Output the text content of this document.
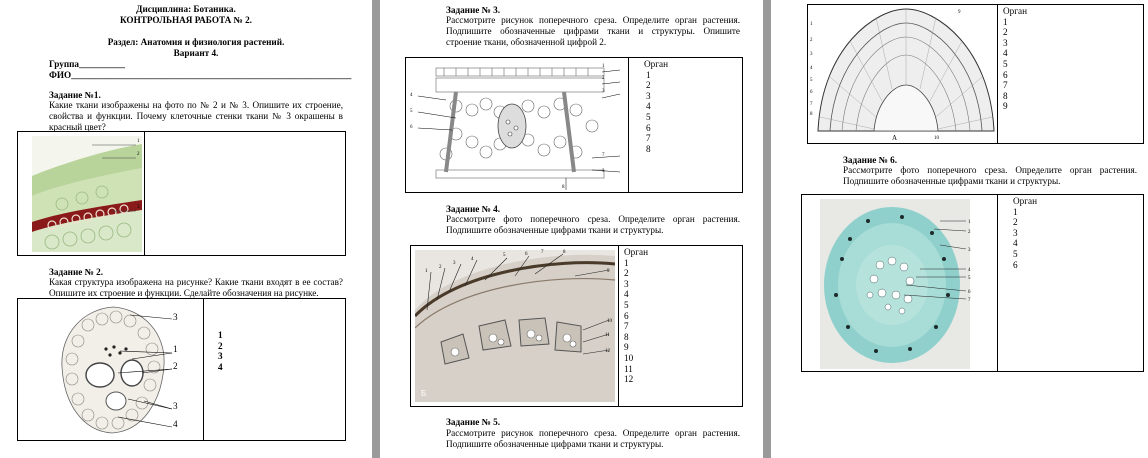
Дисциплина: Ботаника.
КОНТРОЛЬНАЯ РАБОТА № 2.
Раздел: Анатомия и физиология растений.
Вариант 4.
Группа__________
ФИО_____________________________________________________________
Задание №1.
Какие ткани изображены на фото по № 2 и № 3. Опишите их строение, свойства и функции. Почему клеточные стенки ткани № 3 окрашены в красный цвет?
1
2
3
Задание № 2.
Какая структура изображена на рисунке? Какие ткани входят в ее состав? Опишите их строение и функции. Сделайте обозначения на рисунке.
3
1
2
3
4
1
2
3
4
Задание № 3.
Рассмотрите рисунок поперечного среза. Определите орган растения. Подпишите обозначенные цифрами ткани и структуры. Опишите строение ткани, обозначенной цифрой 2.
1
2
3
4
5
6
7
3
8
Орган
1
2
3
4
5
6
7
8
Задание № 4.
Рассмотрите фото поперечного среза. Определите орган растения. Подпишите обозначенные цифрами ткани и структуры.
Б
1
2
3
4
5	6	7	8
9
10
11
12
Орган
1
2
3
4
5
6
7
8
9
10
11
12
Задание № 5.
Рассмотрите рисунок поперечного среза. Определите орган растения. Подпишите обозначенные цифрами ткани и структуры.
А
1
2
3
4
5
6
7
8
9
10
Орган
1
2
3
4
5
6
7
8
9
Задание № 6.
Рассмотрите фото поперечного среза. Определите орган растения. Подпишите обозначенные цифрами ткани и структуры.
1
2
3
4
5
6
7
Орган
1
2
3
4
5
6
